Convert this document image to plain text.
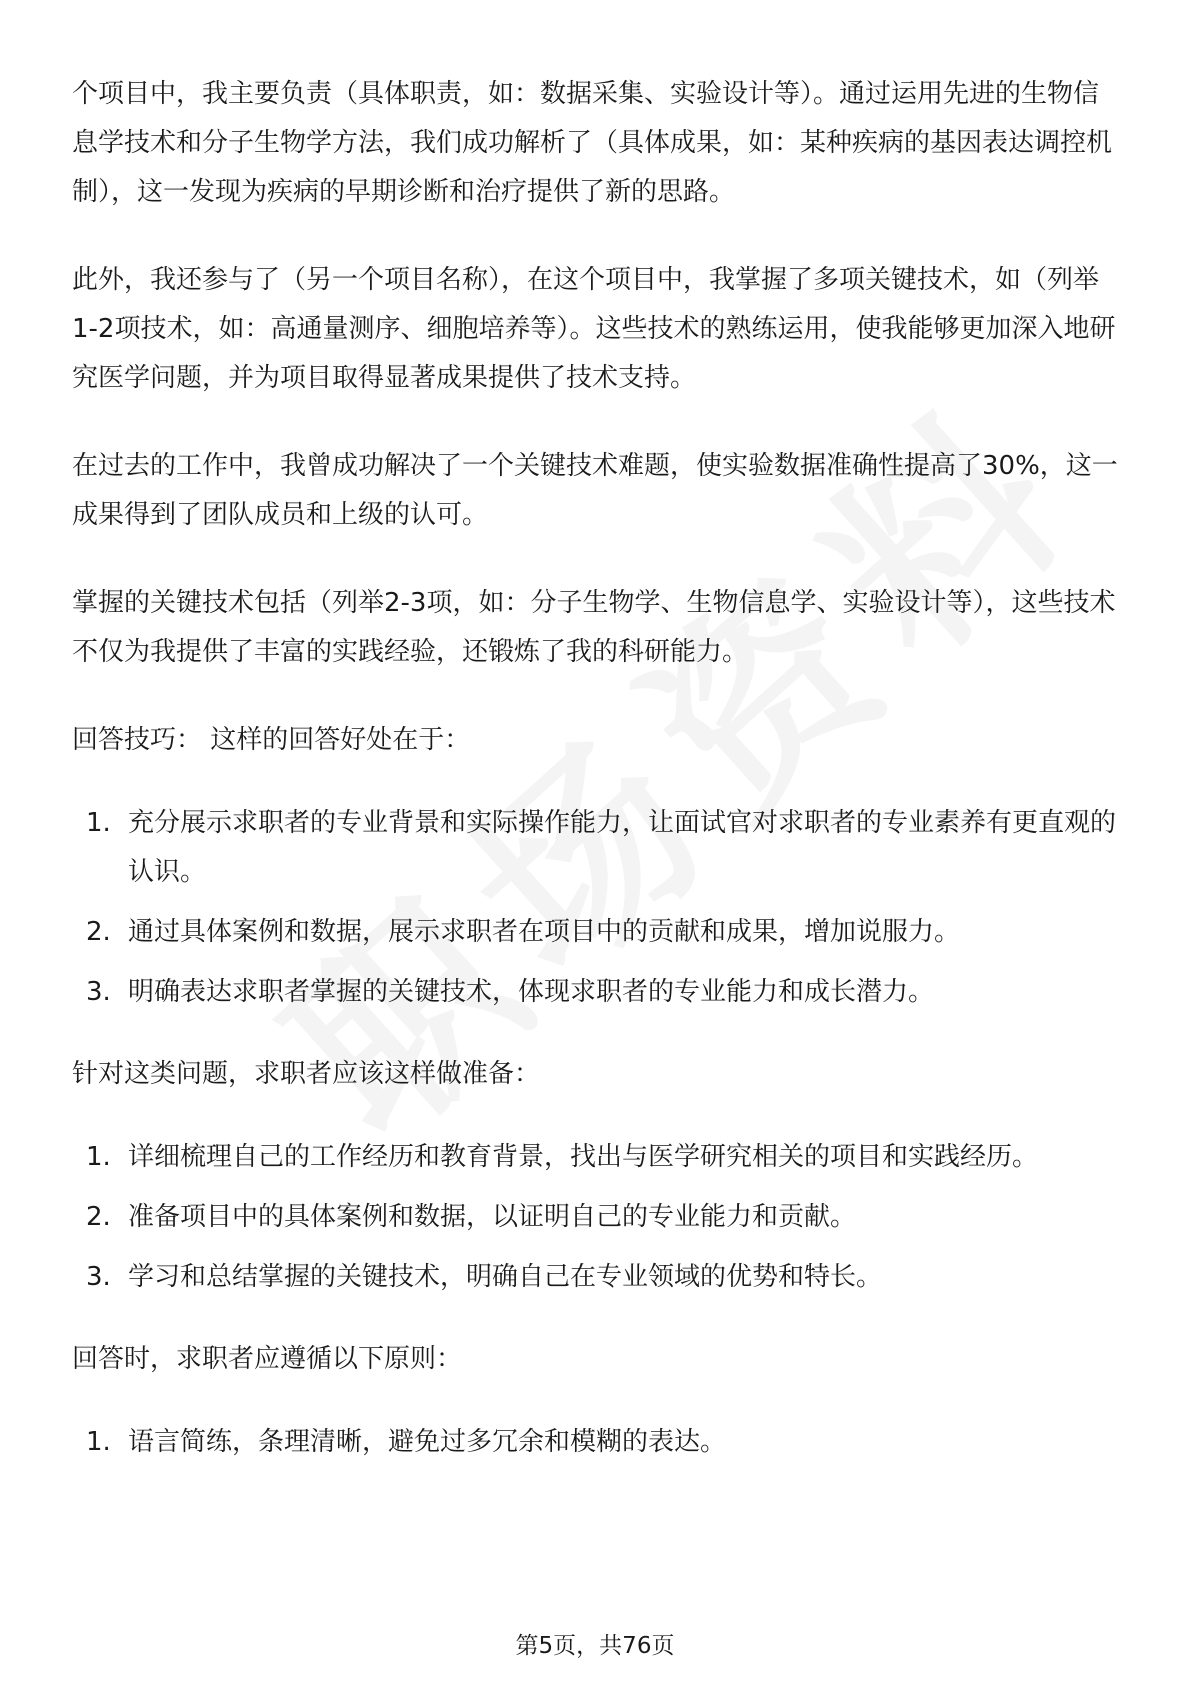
个项目中，我主要负责（具体职责，如：数据采集、实验设计等）。通过运用先进的生物信息学技术和分子生物学方法，我们成功解析了（具体成果，如：某种疾病的基因表达调控机制），这一发现为疾病的早期诊断和治疗提供了新的思路。

此外，我还参与了（另一个项目名称），在这个项目中，我掌握了多项关键技术，如（列举1-2项技术，如：高通量测序、细胞培养等）。这些技术的熟练运用，使我能够更加深入地研究医学问题，并为项目取得显著成果提供了技术支持。

在过去的工作中，我曾成功解决了一个关键技术难题，使实验数据准确性提高了30%，这一成果得到了团队成员和上级的认可。

掌握的关键技术包括（列举2-3项，如：分子生物学、生物信息学、实验设计等），这些技术不仅为我提供了丰富的实践经验，还锻炼了我的科研能力。

回答技巧： 这样的回答好处在于：

1. 充分展示求职者的专业背景和实际操作能力，让面试官对求职者的专业素养有更直观的认识。
2. 通过具体案例和数据，展示求职者在项目中的贡献和成果，增加说服力。
3. 明确表达求职者掌握的关键技术，体现求职者的专业能力和成长潜力。

针对这类问题，求职者应该这样做准备：

1. 详细梳理自己的工作经历和教育背景，找出与医学研究相关的项目和实践经历。
2. 准备项目中的具体案例和数据，以证明自己的专业能力和贡献。
3. 学习和总结掌握的关键技术，明确自己在专业领域的优势和特长。

回答时，求职者应遵循以下原则：

1. 语言简练，条理清晰，避免过多冗余和模糊的表达。
第5页，共76页
